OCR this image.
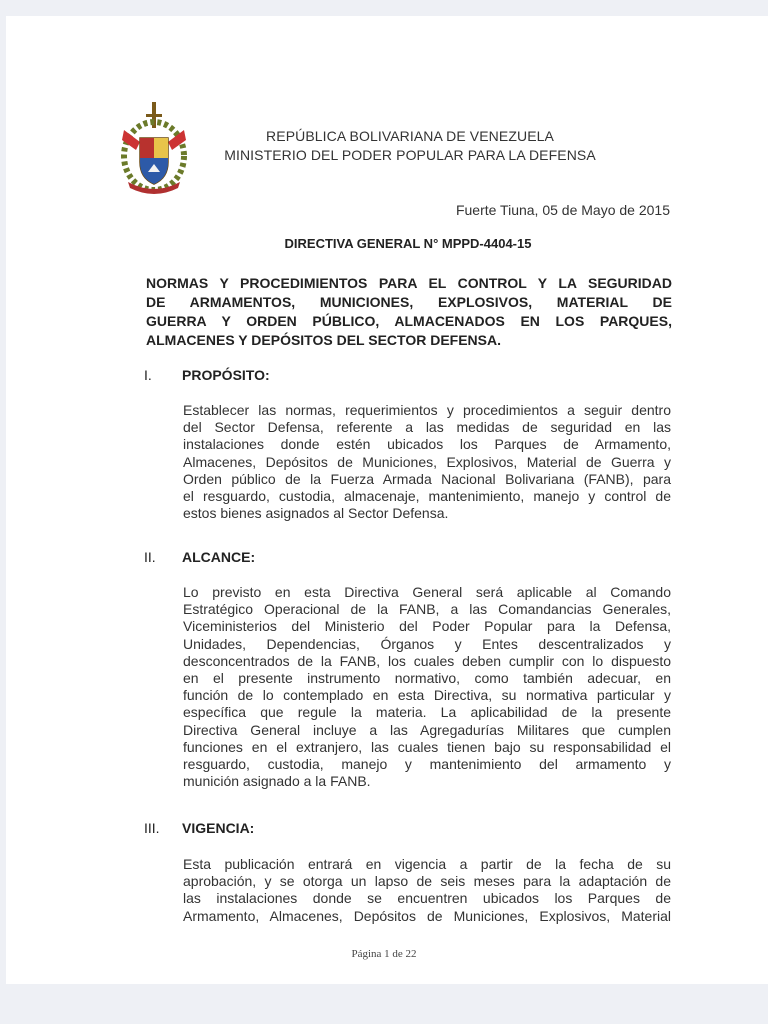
REPÚBLICA BOLIVARIANA DE VENEZUELA
MINISTERIO DEL PODER POPULAR PARA LA DEFENSA
Fuerte Tiuna, 05 de Mayo de 2015
DIRECTIVA GENERAL N° MPPD-4404-15
NORMAS Y PROCEDIMIENTOS PARA EL CONTROL Y LA SEGURIDAD
DE ARMAMENTOS, MUNICIONES, EXPLOSIVOS, MATERIAL DE
GUERRA Y ORDEN PÚBLICO, ALMACENADOS EN LOS PARQUES,
ALMACENES Y DEPÓSITOS DEL SECTOR DEFENSA.
I. PROPÓSITO:
Establecer las normas, requerimientos y procedimientos a seguir dentro
del Sector Defensa, referente a las medidas de seguridad en las
instalaciones donde estén ubicados los Parques de Armamento,
Almacenes, Depósitos de Municiones, Explosivos, Material de Guerra y
Orden público de la Fuerza Armada Nacional Bolivariana (FANB), para
el resguardo, custodia, almacenaje, mantenimiento, manejo y control de
estos bienes asignados al Sector Defensa.
II. ALCANCE:
Lo previsto en esta Directiva General será aplicable al Comando
Estratégico Operacional de la FANB, a las Comandancias Generales,
Viceministerios del Ministerio del Poder Popular para la Defensa,
Unidades, Dependencias, Órganos y Entes descentralizados y
desconcentrados de la FANB, los cuales deben cumplir con lo dispuesto
en el presente instrumento normativo, como también adecuar, en
función de lo contemplado en esta Directiva, su normativa particular y
específica que regule la materia. La aplicabilidad de la presente
Directiva General incluye a las Agregadurías Militares que cumplen
funciones en el extranjero, las cuales tienen bajo su responsabilidad el
resguardo, custodia, manejo y mantenimiento del armamento y
munición asignado a la FANB.
III. VIGENCIA:
Esta publicación entrará en vigencia a partir de la fecha de su
aprobación, y se otorga un lapso de seis meses para la adaptación de
las instalaciones donde se encuentren ubicados los Parques de
Armamento, Almacenes, Depósitos de Municiones, Explosivos, Material
Página 1 de 22
